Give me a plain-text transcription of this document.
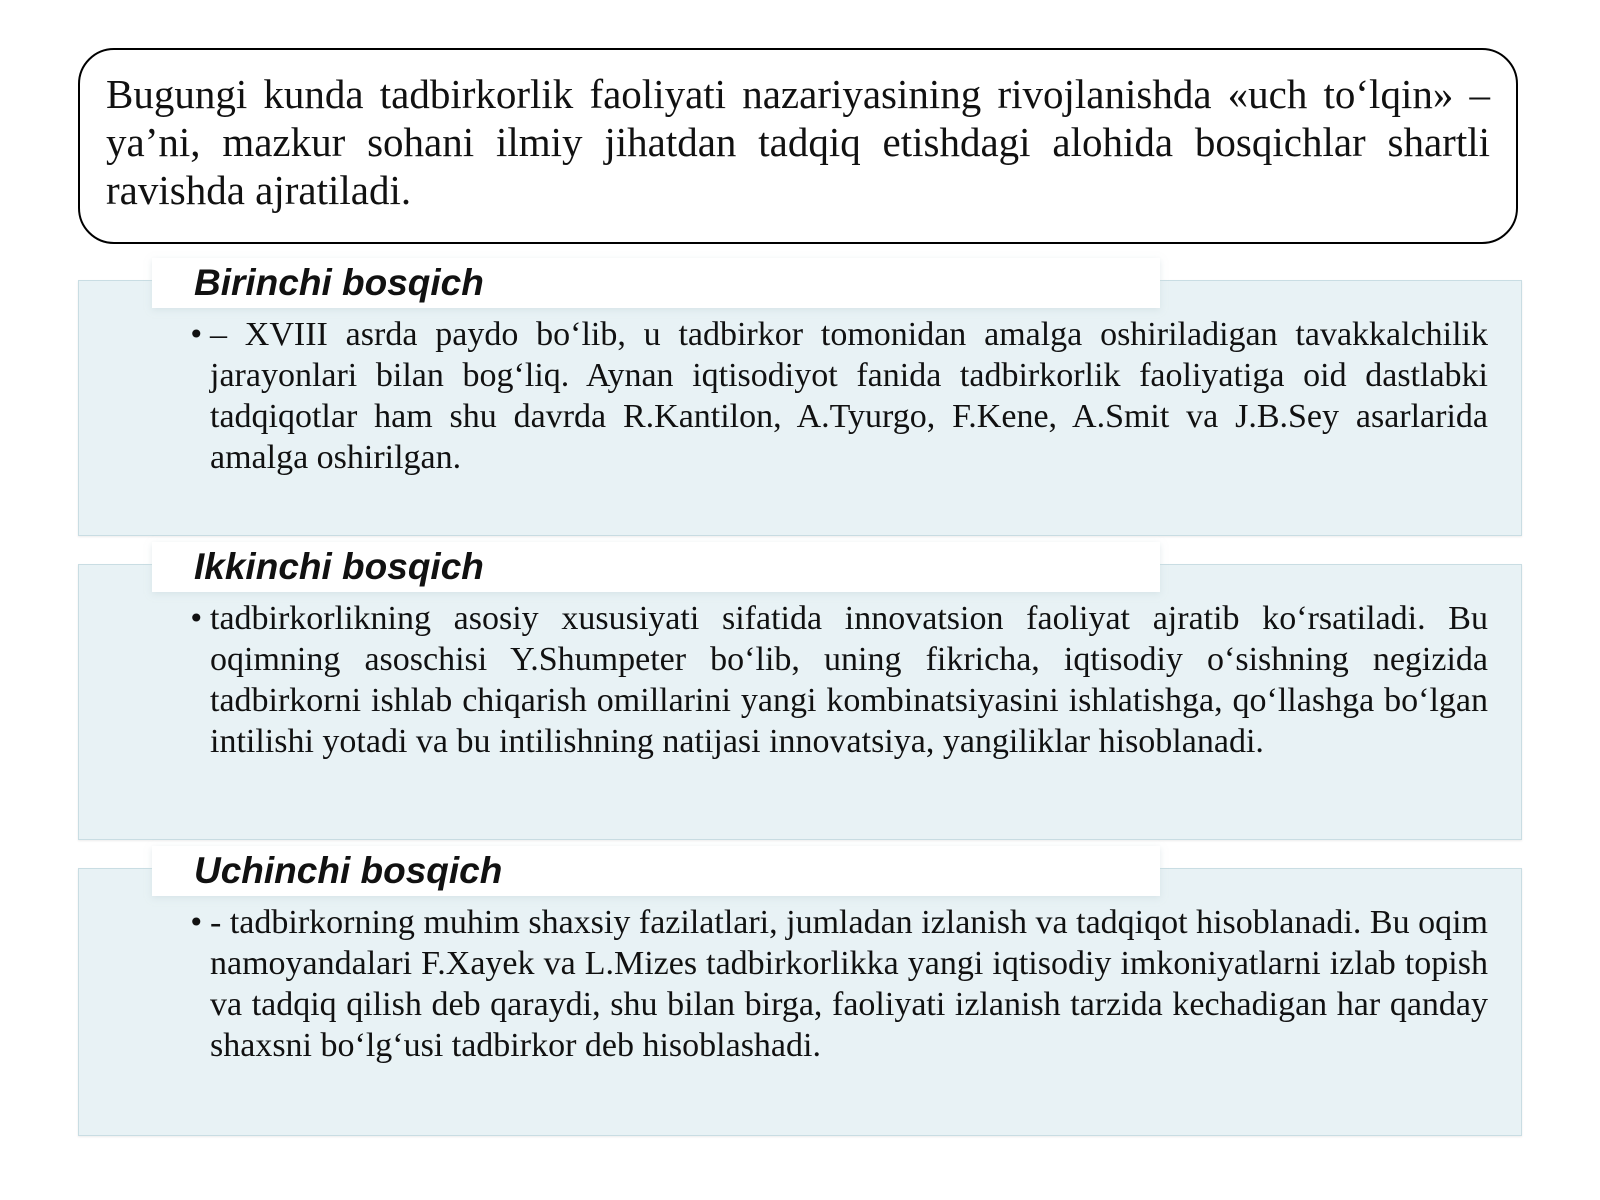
Bugungi kunda tadbirkorlik faoliyati nazariyasining rivojlanishda «uch to‘lqin» – ya’ni, mazkur sohani ilmiy jihatdan tadqiq etishdagi alohida bosqichlar shartli ravishda ajratiladi.

Birinchi bosqich

• – XVIII asrda paydo bo‘lib, u tadbirkor tomonidan amalga oshiriladigan tavakkalchilik jarayonlari bilan bog‘liq. Aynan iqtisodiyot fanida tadbirkorlik faoliyatiga oid dastlabki tadqiqotlar ham shu davrda R.Kantilon, A.Tyurgo, F.Kene, A.Smit va J.B.Sey asarlarida amalga oshirilgan.

Ikkinchi bosqich

• tadbirkorlikning asosiy xususiyati sifatida innovatsion faoliyat ajratib ko‘rsatiladi. Bu oqimning asoschisi Y.Shumpeter bo‘lib, uning fikricha, iqtisodiy o‘sishning negizida tadbirkorni ishlab chiqarish omillarini yangi kombinatsiyasini ishlatishga, qo‘llashga bo‘lgan intilishi yotadi va bu intilishning natijasi innovatsiya, yangiliklar hisoblanadi.

Uchinchi bosqich

• - tadbirkorning muhim shaxsiy fazilatlari, jumladan izlanish va tadqiqot hisoblanadi. Bu oqim namoyandalari F.Xayek va L.Mizes tadbirkorlikka yangi iqtisodiy imkoniyatlarni izlab topish va tadqiq qilish deb qaraydi, shu bilan birga, faoliyati izlanish tarzida kechadigan har qanday shaxsni bo‘lg‘usi tadbirkor deb hisoblashadi.
